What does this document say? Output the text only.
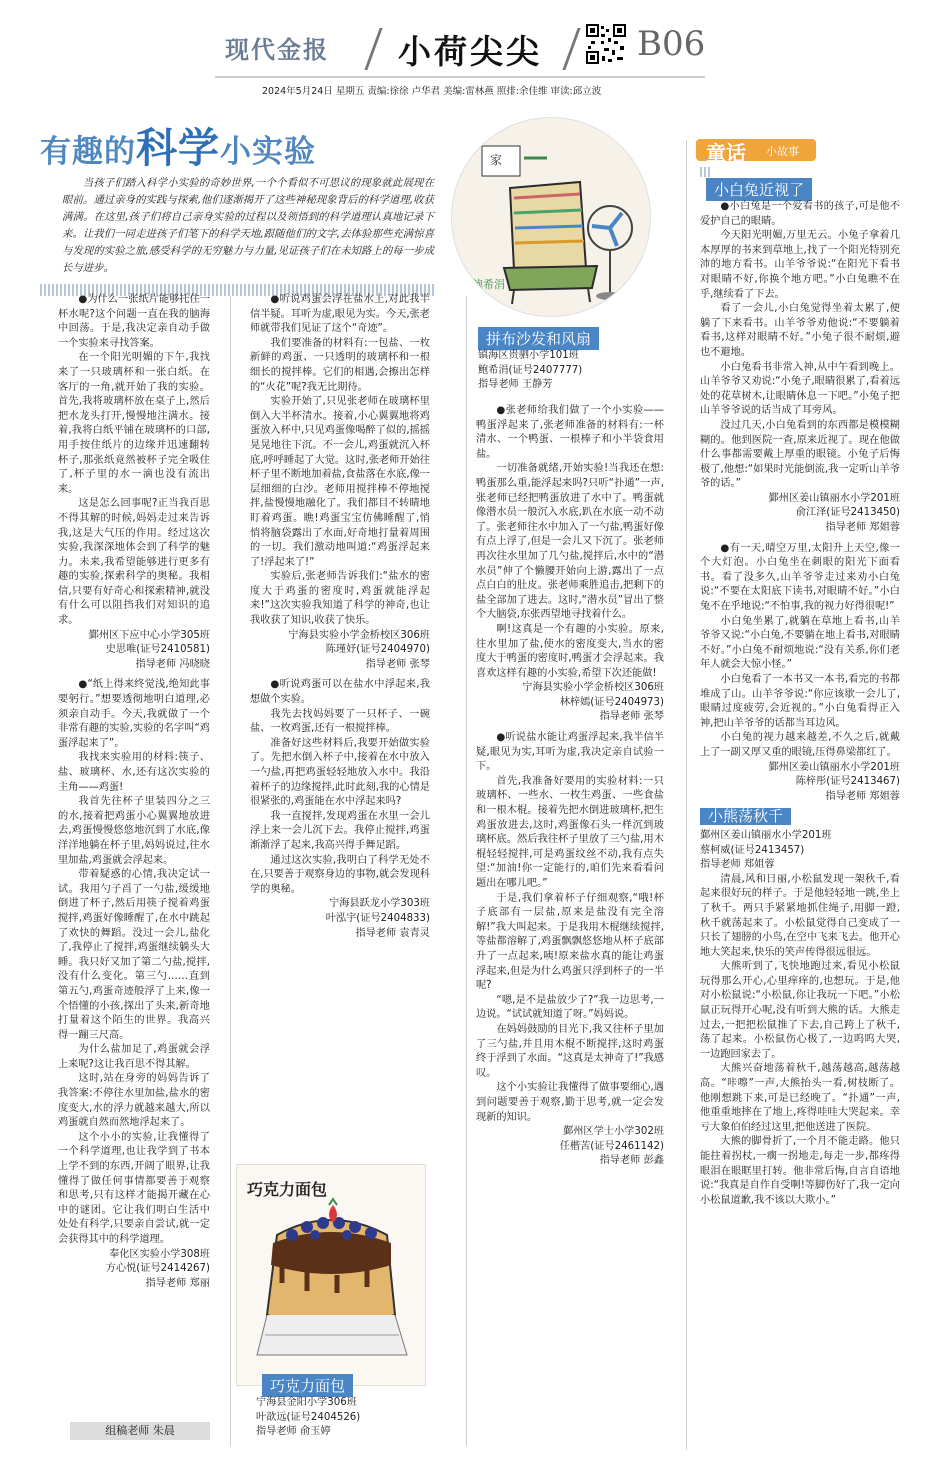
现代金报 小荷尖尖	B06
2024年5月24日 星期五 责编:徐徐 卢华君 美编:雷林燕 照排:余佳维 审读:邱立波
有趣的科学小实验
当孩子们踏入科学小实验的奇妙世界,一个个看似不可思议的现象就此展现在眼前。通过亲身的实践与探索,他们逐渐揭开了这些神秘现象背后的科学道理,收获满满。在这里,孩子们将自己亲身实验的过程以及领悟到的科学道理认真地记录下来。让我们一同走进孩子们笔下的科学天地,跟随他们的文字,去体验那些充满惊喜与发现的实验之旅,感受科学的无穷魅力与力量,见证孩子们在未知路上的每一步成长与进步。
家
鲍希涓
童话 小故事

●为什么一张纸片能够托住一杯水呢?这个问题一直在我的脑海中回荡。于是,我决定亲自动手做一个实验来寻找答案。

在一个阳光明媚的下午,我找来了一只玻璃杯和一张白纸。在客厅的一角,就开始了我的实验。首先,我将玻璃杯放在桌子上,然后把水龙头打开,慢慢地注满水。接着,我将白纸平铺在玻璃杯的口部,用手按住纸片的边缘并迅速翻转杯子,那张纸竟然被杯子完全吸住了,杯子里的水一滴也没有流出来。

这是怎么回事呢?正当我百思不得其解的时候,妈妈走过来告诉我,这是大气压的作用。经过这次实验,我深深地体会到了科学的魅力。未来,我希望能够进行更多有趣的实验,探索科学的奥秘。我相信,只要有好奇心和探索精神,就没有什么可以阻挡我们对知识的追求。

鄞州区下应中心小学305班

史思唯(证号2410581)

指导老师 冯晓晓

●“纸上得来终觉浅,绝知此事要躬行。”想要透彻地明白道理,必须亲自动手。今天,我就做了一个非常有趣的实验,实验的名字叫“鸡蛋浮起来了”。

我找来实验用的材料:筷子、盐、玻璃杯、水,还有这次实验的主角——鸡蛋!

我首先往杯子里装四分之三的水,接着把鸡蛋小心翼翼地放进去,鸡蛋慢慢悠悠地沉到了水底,像洋洋地躺在杯子里,妈妈说过,往水里加盐,鸡蛋就会浮起来。

带着疑惑的心情,我决定试一试。我用勺子舀了一勺盐,缓缓地倒进了杯子,然后用筷子搅着鸡蛋搅拌,鸡蛋好像睡醒了,在水中跳起了欢快的舞蹈。没过一会儿,盐化了,我停止了搅拌,鸡蛋继续躺头大睡。我只好又加了第二勺盐,搅拌,没有什么变化。第三勺……直到第五勺,鸡蛋奇迹般浮了上来,像一个悟懂的小孩,探出了头来,新奇地打量着这个陌生的世界。我高兴得一蹦三尺高。

为什么盐加足了,鸡蛋就会浮上来呢?这让我百思不得其解。

这时,站在身旁的妈妈告诉了我答案:不停往水里加盐,盐水的密度变大,水的浮力就越来越大,所以鸡蛋就自然而然地浮起来了。

这个小小的实验,让我懂得了一个科学道理,也让我学到了书本上学不到的东西,开阔了眼界,让我懂得了做任何事情都要善于观察和思考,只有这样才能揭开藏在心中的谜团。它让我们明白生活中处处有科学,只要亲自尝试,就一定会获得其中的科学道理。

奉化区实验小学308班

方心悦(证号2414267)

指导老师 郑丽

组稿老师 朱晨

●听说鸡蛋会浮在盐水上,对此我半信半疑。耳听为虚,眼见为实。今天,张老师就带我们见证了这个“奇迹”。

我们要准备的材料有:一包盐、一枚新鲜的鸡蛋、一只透明的玻璃杯和一根细长的搅拌棒。它们的相遇,会擦出怎样的“火花”呢?我无比期待。

实验开始了,只见张老师在玻璃杯里倒入大半杯清水。接着,小心翼翼地将鸡蛋放入杯中,只见鸡蛋像喝醉了似的,摇摇晃晃地往下沉。不一会儿,鸡蛋就沉入杯底,呼呼睡起了大觉。这时,张老师开始往杯子里不断地加着盐,食盐落在水底,像一层细细的白沙。老师用搅拌棒不停地搅拌,盐慢慢地融化了。我们都目不转睛地盯着鸡蛋。瞧!鸡蛋宝宝仿佛睡醒了,悄悄将脑袋露出了水面,好奇地打量着周围的一切。我们激动地叫道:“鸡蛋浮起来了!浮起来了!”

实验后,张老师告诉我们:“盐水的密度大于鸡蛋的密度时,鸡蛋就能浮起来!”这次实验我知道了科学的神奇,也让我收获了知识,收获了快乐。

宁海县实验小学金桥校区306班

陈瑾妤(证号2404970)

指导老师 张琴

●听说鸡蛋可以在盐水中浮起来,我想做个实验。

我先去找妈妈要了一只杯子、一碗盐、一枚鸡蛋,还有一根搅拌棒。

准备好这些材料后,我要开始做实验了。先把水倒入杯子中,接着在水中放入一勺盐,再把鸡蛋轻轻地放入水中。我沿着杯子的边缘搅拌,此时此刻,我的心情是很紧张的,鸡蛋能在水中浮起来吗?

我一直搅拌,发现鸡蛋在水里一会儿浮上来一会儿沉下去。我停止搅拌,鸡蛋渐渐浮了起来,我高兴得手舞足蹈。

通过这次实验,我明白了科学无处不在,只要善于观察身边的事物,就会发现科学的奥秘。

宁海县跃龙小学303班

叶泓宇(证号2404833)

指导老师 袁青灵

巧克力面包
巧克力面包
宁海县金阳小学306班
叶歆远(证号2404526)
指导老师 俞玉婷
拼布沙发和风扇
镇海区贵驷小学101班
鲍希涓(证号2407777)
指导老师 王静芳

●张老师给我们做了一个小实验——鸭蛋浮起来了,张老师准备的材料有:一杯清水、一个鸭蛋、一根棒子和小半袋食用盐。

一切准备就绪,开始实验!当我还在想:鸭蛋那么重,能浮起来吗?只听“扑通”一声,张老师已经把鸭蛋放进了水中了。鸭蛋就像潜水员一般沉入水底,趴在水底一动不动了。张老师往水中加入了一勺盐,鸭蛋好像有点上浮了,但是一会儿又下沉了。张老师再次往水里加了几勺盐,搅拌后,水中的“潜水员”伸了个懒腰开始向上游,露出了一点点白白的肚皮。张老师乘胜追击,把剩下的盐全部加了进去。这时,“潜水员”冒出了整个大脑袋,东张西望地寻找着什么。

啊!这真是一个有趣的小实验。原来,往水里加了盐,使水的密度变大,当水的密度大于鸭蛋的密度时,鸭蛋才会浮起来。我喜欢这样有趣的小实验,希望下次还能做!

宁海县实验小学金桥校区306班

林梓嫣(证号2404973)

指导老师 张琴

●听说盐水能让鸡蛋浮起来,我半信半疑,眼见为实,耳听为虚,我决定亲自试验一下。

首先,我准备好要用的实验材料:一只玻璃杯、一些水、一枚生鸡蛋、一些食盐和一根木棍。接着先把水倒进玻璃杯,把生鸡蛋放进去,这时,鸡蛋像石头一样沉到玻璃杯底。然后我往杯子里放了三勺盐,用木棍轻轻搅拌,可是鸡蛋纹丝不动,我有点失望:“加油!你一定能行的,咱们先来看看问题出在哪儿吧。”

于是,我们拿着杯子仔细观察,“哦!杯子底部有一层盐,原来是盐没有完全溶解!”我大叫起来。于是我用木棍继续搅拌,等盐都溶解了,鸡蛋飘飘悠悠地从杯子底部升了一点起来,咦!原来盐水真的能让鸡蛋浮起来,但是为什么鸡蛋只浮到杯子的一半呢?

“嗯,是不是盐放少了?”我一边思考,一边说。“试试就知道了呀。”妈妈说。

在妈妈鼓励的目光下,我又往杯子里加了三勺盐,并且用木棍不断搅拌,这时鸡蛋终于浮到了水面。“这真是太神奇了!”我感叹。

这个小实验让我懂得了做事要细心,遇到问题要善于观察,勤于思考,就一定会发现新的知识。

鄞州区学士小学302班

任楷苦(证号2461142)

指导老师 彭鑫

小白兔近视了

●小白兔是一个爱看书的孩子,可是他不爱护自己的眼睛。

今天阳光明媚,万里无云。小兔子拿着几本厚厚的书来到草地上,找了一个阳光特别充沛的地方看书。山羊爷爷说:“在阳光下看书对眼睛不好,你换个地方吧。”小白兔瞧不在乎,继续看了下去。

看了一会儿,小白兔觉得坐着太累了,便躺了下来看书。山羊爷爷劝他说:“不要躺着看书,这样对眼睛不好。”小兔子很不耐烦,避也不避地。

小白兔看书非常入神,从中午看到晚上。山羊爷爷又劝说:“小兔子,眼睛很累了,看着远处的花草树木,让眼睛休息一下吧。”小兔子把山羊爷爷说的话当成了耳旁风。

没过几天,小白兔看到的东西都是模模糊糊的。他到医院一查,原来近视了。现在他做什么事都需要戴上厚重的眼镜。小兔子后悔极了,他想:“如果时光能倒流,我一定听山羊爷爷的话。”

鄞州区姜山镇丽水小学201班

俞江泽(证号2413450)

指导老师 郑姐蓉

●有一天,晴空万里,太阳升上天空,像一个大灯泡。小白兔坐在刺眼的阳光下面看书。看了没多久,山羊爷爷走过来劝小白兔说:“不要在太阳底下读书,对眼睛不好。”小白兔不在乎地说:“不怕事,我的视力好得很呢!”

小白兔坐累了,就躺在草地上看书,山羊爷爷又说:“小白兔,不要躺在地上看书,对眼睛不好。”小白兔不耐烦地说:“没有关系,你们老年人就会大惊小怪。”

小白兔看了一本书又一本书,看完的书都堆成了山。山羊爷爷说:“你应该歇一会儿了,眼睛过度疲劳,会近视的。”小白兔看得正入神,把山羊爷爷的话都当耳边风。

小白兔的视力越来越差,不久之后,就戴上了一副又厚又重的眼镜,压得鼻梁都红了。

鄞州区姜山镇丽水小学201班

陈梓彤(证号2413467)

指导老师 郑姐蓉

小熊荡秋千
鄞州区姜山镇丽水小学201班
蔡柯威(证号2413457)
指导老师 郑姐蓉

清晨,风和日丽,小松鼠发现一架秋千,看起来很好玩的样子。于是他轻轻地一跳,坐上了秋千。两只手紧紧地抓住绳子,用脚一蹬,秋千就荡起来了。小松鼠觉得自己变成了一只长了翅膀的小鸟,在空中飞来飞去。他开心地大笑起来,快乐的笑声传得很远很远。

大熊听到了,飞快地跑过来,看见小松鼠玩得那么开心,心里痒痒的,也想玩。于是,他对小松鼠说:“小松鼠,你让我玩一下吧。”小松鼠正玩得开心呢,没有听到大熊的话。大熊走过去,一把把松鼠推了下去,自己跨上了秋千,荡了起来。小松鼠伤心极了,一边呜呜大哭,一边跑回家去了。

大熊兴奋地荡着秋千,越荡越高,越荡越高。“咔嚓”一声,大熊抬头一看,树枝断了。他刚想跳下来,可是已经晚了。“扑通”一声,他重重地摔在了地上,疼得哇哇大哭起来。幸亏大象伯伯经过这里,把他送进了医院。

大熊的脚骨折了,一个月不能走路。他只能拄着拐杖,一瘸一拐地走,每走一步,都疼得眼泪在眼眶里打转。他非常后悔,自言自语地说:“我真是自作自受啊!等脚伤好了,我一定向小松鼠道歉,我不该以大欺小。”
